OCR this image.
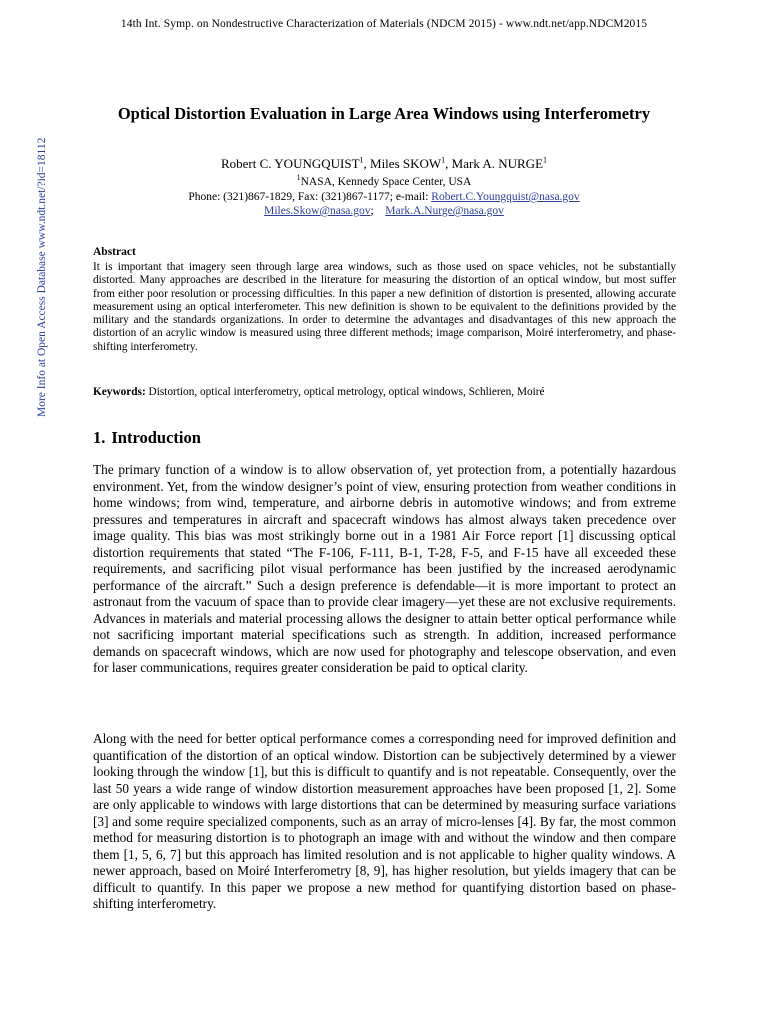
14th Int. Symp. on Nondestructive Characterization of Materials (NDCM 2015) - www.ndt.net/app.NDCM2015
More Info at Open Access Database www.ndt.net/?id=18112
Optical Distortion Evaluation in Large Area Windows using Interferometry
Robert C. YOUNGQUIST$^1$, Miles SKOW$^1$, Mark A. NURGE$^1$
$^1$NASA, Kennedy Space Center, USA
Phone: (321)867-1829, Fax: (321)867-1177; e-mail: Robert.C.Youngquist@nasa.gov
Miles.Skow@nasa.gov; Mark.A.Nurge@nasa.gov
Abstract
It is important that imagery seen through large area windows, such as those used on space vehicles, not be substantially distorted. Many approaches are described in the literature for measuring the distortion of an optical window, but most suffer from either poor resolution or processing difficulties. In this paper a new definition of distortion is presented, allowing accurate measurement using an optical interferometer. This new definition is shown to be equivalent to the definitions provided by the military and the standards organizations. In order to determine the advantages and disadvantages of this new approach the distortion of an acrylic window is measured using three different methods; image comparison, Moiré interferometry, and phase-shifting interferometry.
Keywords: Distortion, optical interferometry, optical metrology, optical windows, Schlieren, Moiré
1. Introduction
The primary function of a window is to allow observation of, yet protection from, a potentially hazardous environment. Yet, from the window designer’s point of view, ensuring protection from weather conditions in home windows; from wind, temperature, and airborne debris in automotive windows; and from extreme pressures and temperatures in aircraft and spacecraft windows has almost always taken precedence over image quality. This bias was most strikingly borne out in a 1981 Air Force report [1] discussing optical distortion requirements that stated “The F-106, F-111, B-1, T-28, F-5, and F-15 have all exceeded these requirements, and sacrificing pilot visual performance has been justified by the increased aerodynamic performance of the aircraft.” Such a design preference is defendable—it is more important to protect an astronaut from the vacuum of space than to provide clear imagery—yet these are not exclusive requirements. Advances in materials and material processing allows the designer to attain better optical performance while not sacrificing important material specifications such as strength. In addition, increased performance demands on spacecraft windows, which are now used for photography and telescope observation, and even for laser communications, requires greater consideration be paid to optical clarity.
Along with the need for better optical performance comes a corresponding need for improved definition and quantification of the distortion of an optical window. Distortion can be subjectively determined by a viewer looking through the window [1], but this is difficult to quantify and is not repeatable. Consequently, over the last 50 years a wide range of window distortion measurement approaches have been proposed [1, 2]. Some are only applicable to windows with large distortions that can be determined by measuring surface variations [3] and some require specialized components, such as an array of micro-lenses [4]. By far, the most common method for measuring distortion is to photograph an image with and without the window and then compare them [1, 5, 6, 7] but this approach has limited resolution and is not applicable to higher quality windows. A newer approach, based on Moiré Interferometry [8, 9], has higher resolution, but yields imagery that can be difficult to quantify. In this paper we propose a new method for quantifying distortion based on phase-shifting interferometry.
